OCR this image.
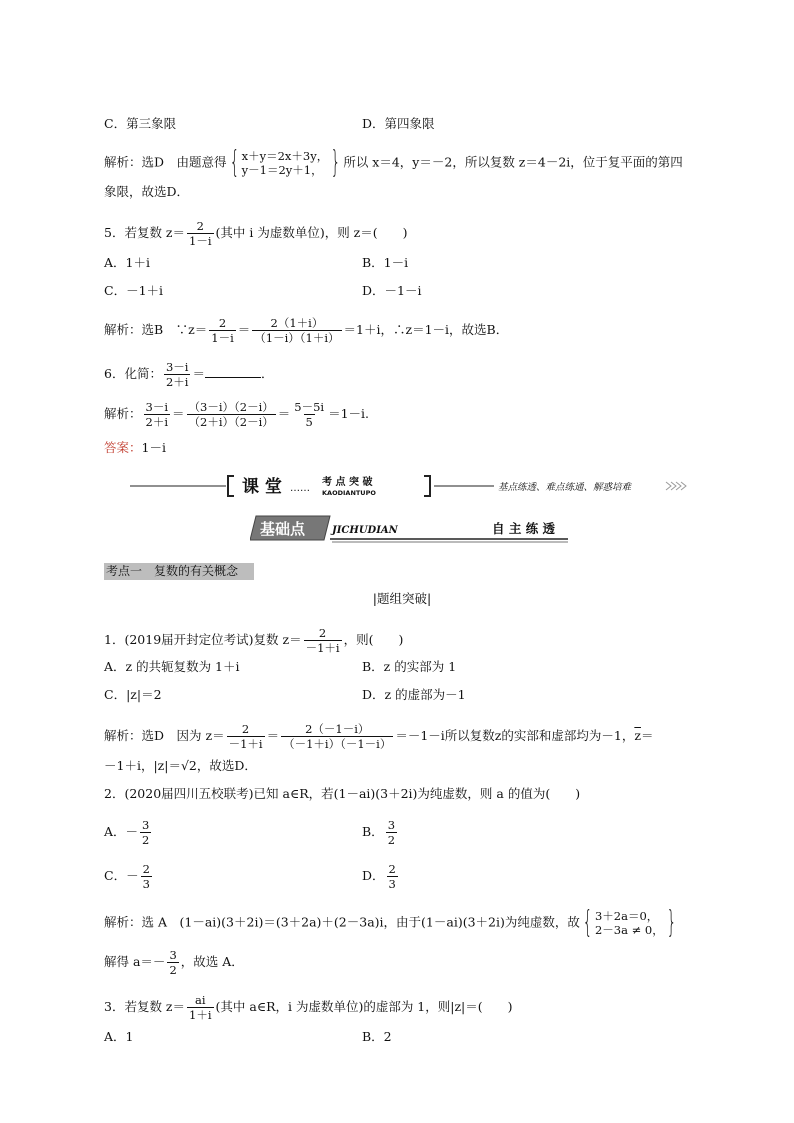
C．第三象限	D．第四象限
解析：选D　由题意得 { x＋y＝2x＋3y，
y－1＝2y＋1， } 所以 x＝4，y＝－2，所以复数 z＝4－2i，位于复平面的第四
象限，故选D．
5．若复数 $z= \frac{2}{1-i}$ (其中 i 为虚数单位)，则 z＝(　　)
A．1＋i	B．1－i
C．－1＋i	D．－1－i
解析：选B　∵z＝ $\frac{2}{1-i} = \frac{2(1+i)}{(1-i)(1+i)} =1+i$，∴z＝1－i，故选B．
6．化简： $\frac{3-i}{2+i}$ ＝	．
解析： $\frac{3-i}{2+i} = \frac{(3-i)(2-i)}{(2+i)(2-i)} = \frac{5-5i}{5} =1-i$.
答案：1－i
课 堂 ……
考 点 突 破
KAODIANTUPO	基点练透、难点练通、解惑培难
基础点	JICHUDIAN	自 主 练 透
考点一　复数的有关概念
|题组突破|
1．(2019届开封定位考试)复数 $z= \frac{2}{-1+i}$ ，则(　　)
A．z 的共轭复数为 1＋i	B．z 的实部为 1
C．|z|＝2	D．z 的虚部为－1
解析：选D　因为 $z= \frac{2}{-1+i} = \frac{2(-1-i)}{(-1+i)(-1-i)} =-1-i$所以复数z的实部和虚部均为－1，$\overline{z}=$
－1＋i，|z|＝√2，故选D．
2．(2020届四川五校联考)已知 a∈R，若(1－ai)(3＋2i)为纯虚数，则 a 的值为(　　)
A．－ $\frac{3}{2}$	B． $\frac{3}{2}$
C．－ $\frac{2}{3}$	D． $\frac{2}{3}$
解析：选 A　(1－ai)(3＋2i)＝(3＋2a)＋(2－3a)i，由于(1－ai)(3＋2i)为纯虚数，故 { 3＋2a＝0，
2－3a ≠ 0， }
解得 $a=- \frac{3}{2}$ ，故选 A．
3．若复数 $z= \frac{ai}{1+i}$ (其中 a∈R，i 为虚数单位)的虚部为 1，则|z|＝(　　)
A．1	B．2
